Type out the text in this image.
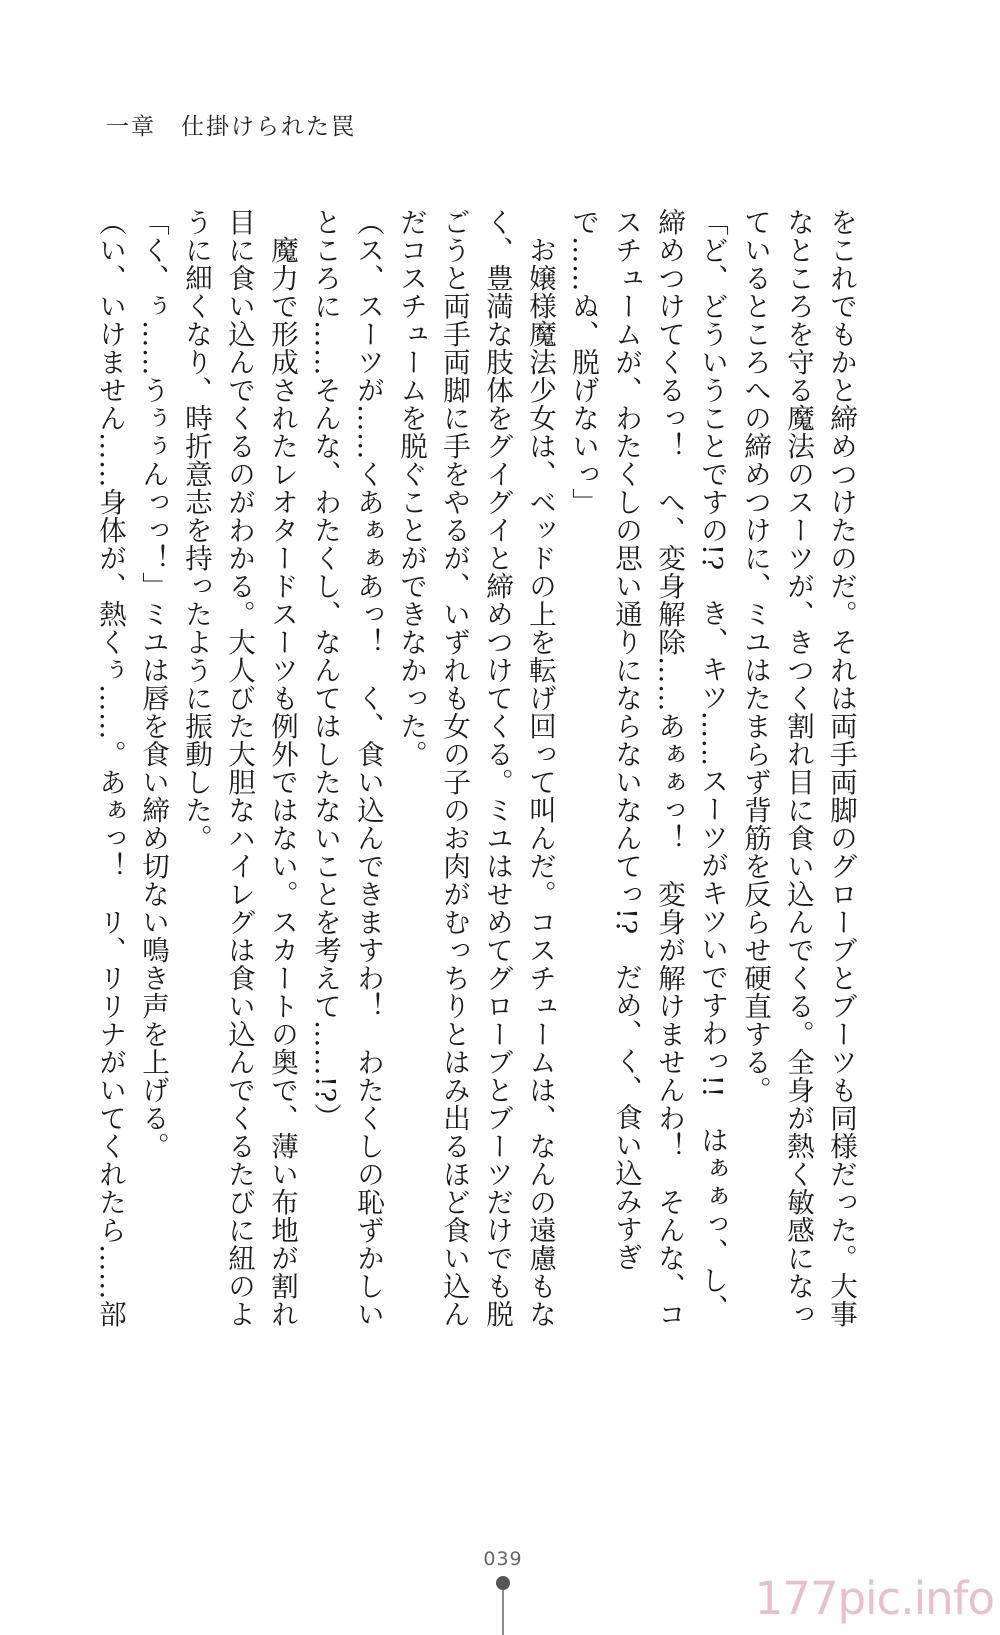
一章　仕掛けられた罠

をこれでもかと締めつけたのだ。それは両手両脚のグローブとブーツも同様だった。大事なところを守る魔法のスーツが、きつく割れ目に食い込んでくる。全身が熱く敏感になっているところへの締めつけに、ミユはたまらず背筋を反らせ硬直する。

「ど、どういうことですの!?　き、キツ……スーツがキツいですわっ!!　はぁぁっ、し、締めつけてくるっ！　へ、変身解除……あぁぁっ！　変身が解けませんわ！　そんな、コスチュームが、わたくしの思い通りにならないなんてっ!?　だめ、く、食い込みすぎで……ぬ、脱げないっ」

　お嬢様魔法少女は、ベッドの上を転げ回って叫んだ。コスチュームは、なんの遠慮もなく、豊満な肢体をグイグイと締めつけてくる。ミユはせめてグローブとブーツだけでも脱ごうと両手両脚に手をやるが、いずれも女の子のお肉がむっちりとはみ出るほど食い込んだコスチュームを脱ぐことができなかった。

（ス、スーツが……くあぁぁあっ！　く、食い込んできますわ！　わたくしの恥ずかしいところに……そんな、わたくし、なんてはしたないことを考えて……!?）

　魔力で形成されたレオタードスーツも例外ではない。スカートの奥で、薄い布地が割れ目に食い込んでくるのがわかる。大人びた大胆なハイレグは食い込んでくるたびに紐のように細くなり、時折意志を持ったように振動した。

「く、ぅ……うぅぅんっっ！」ミユは唇を食い締め切ない鳴き声を上げる。

（い、いけません……身体が、熱くぅ……。あぁっ！　リ、リリナがいてくれたら……部

039
177pic.info
